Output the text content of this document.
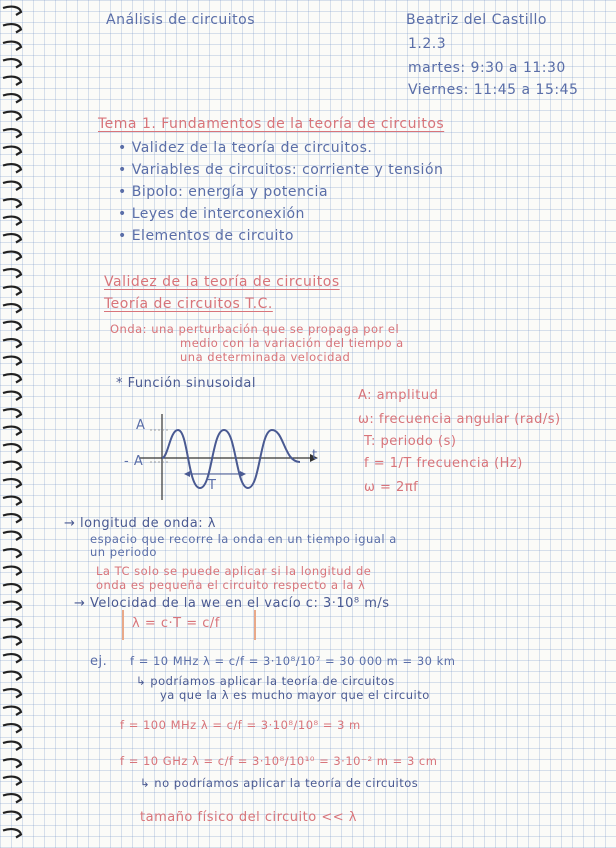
Análisis de circuitos	Beatriz del Castillo
1.2.3
martes: 9:30 a 11:30
Viernes: 11:45 a 15:45
Tema 1. Fundamentos de la teoría de circuitos
• Validez de la teoría de circuitos.
• Variables de circuitos: corriente y tensión
• Bipolo: energía y potencia
• Leyes de interconexión
• Elementos de circuito
Validez de la teoría de circuitos
Teoría de circuitos T.C.
Onda: una perturbación que se propaga por el
medio con la variación del tiempo a
una determinada velocidad
* Función sinusoidal
A
- A	t
T
A: amplitud
ω: frecuencia angular (rad/s)
T: periodo (s)
f = 1/T frecuencia (Hz)
ω = 2πf
→ longitud de onda: λ
espacio que recorre la onda en un tiempo igual a
un periodo
La TC solo se puede aplicar si la longitud de
onda es pequeña el circuito respecto a la λ
→ Velocidad de la we en el vacío c: 3·10⁸ m/s
λ = c·T = c/f
ej. f = 10 MHz λ = c/f = 3·10⁸/10⁷ = 30 000 m = 30 km
↳ podríamos aplicar la teoría de circuitos
ya que la λ es mucho mayor que el circuito
f = 100 MHz λ = c/f = 3·10⁸/10⁸ = 3 m
f = 10 GHz λ = c/f = 3·10⁸/10¹⁰ = 3·10⁻² m = 3 cm
↳ no podríamos aplicar la teoría de circuitos
tamaño físico del circuito << λ
